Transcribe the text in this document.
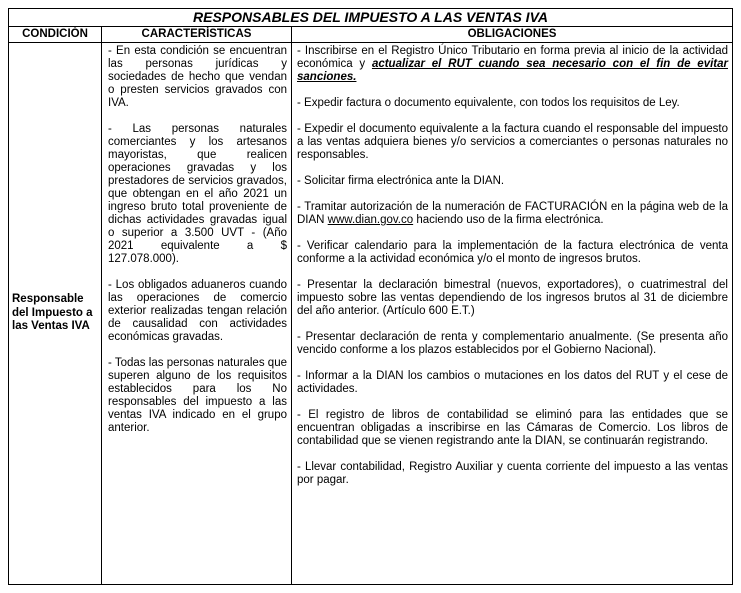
RESPONSABLES DEL IMPUESTO A LAS VENTAS IVA
CONDICIÓN	CARACTERÍSTICAS	OBLIGACIONES
Responsable del Impuesto a las Ventas IVA

- En esta condición se encuentran las personas jurídicas y sociedades de hecho que vendan o presten servicios gravados con IVA.

- Las personas naturales comerciantes y los artesanos mayoristas, que realicen operaciones gravadas y los prestadores de servicios gravados, que obtengan en el año 2021 un ingreso bruto total proveniente de dichas actividades gravadas igual o superior a 3.500 UVT - (Año 2021 equivalente a $ 127.078.000).

- Los obligados aduaneros cuando las operaciones de comercio exterior realizadas tengan relación de causalidad con actividades económicas gravadas.

- Todas las personas naturales que superen alguno de los requisitos establecidos para los No responsables del impuesto a las ventas IVA indicado en el grupo anterior.

- Inscribirse en el Registro Único Tributario en forma previa al inicio de la actividad económica y actualizar el RUT cuando sea necesario con el fin de evitar sanciones.

- Expedir factura o documento equivalente, con todos los requisitos de Ley.

- Expedir el documento equivalente a la factura cuando el responsable del impuesto a las ventas adquiera bienes y/o servicios a comerciantes o personas naturales no responsables.

- Solicitar firma electrónica ante la DIAN.

- Tramitar autorización de la numeración de FACTURACIÓN en la página web de la DIAN www.dian.gov.co haciendo uso de la firma electrónica.

- Verificar calendario para la implementación de la factura electrónica de venta conforme a la actividad económica y/o el monto de ingresos brutos.

- Presentar la declaración bimestral (nuevos, exportadores), o cuatrimestral del impuesto sobre las ventas dependiendo de los ingresos brutos al 31 de diciembre del año anterior. (Artículo 600 E.T.)

- Presentar declaración de renta y complementario anualmente. (Se presenta año vencido conforme a los plazos establecidos por el Gobierno Nacional).

- Informar a la DIAN los cambios o mutaciones en los datos del RUT y el cese de actividades.

- El registro de libros de contabilidad se eliminó para las entidades que se encuentran obligadas a inscribirse en las Cámaras de Comercio. Los libros de contabilidad que se vienen registrando ante la DIAN, se continuarán registrando.

- Llevar contabilidad, Registro Auxiliar y cuenta corriente del impuesto a las ventas por pagar.
